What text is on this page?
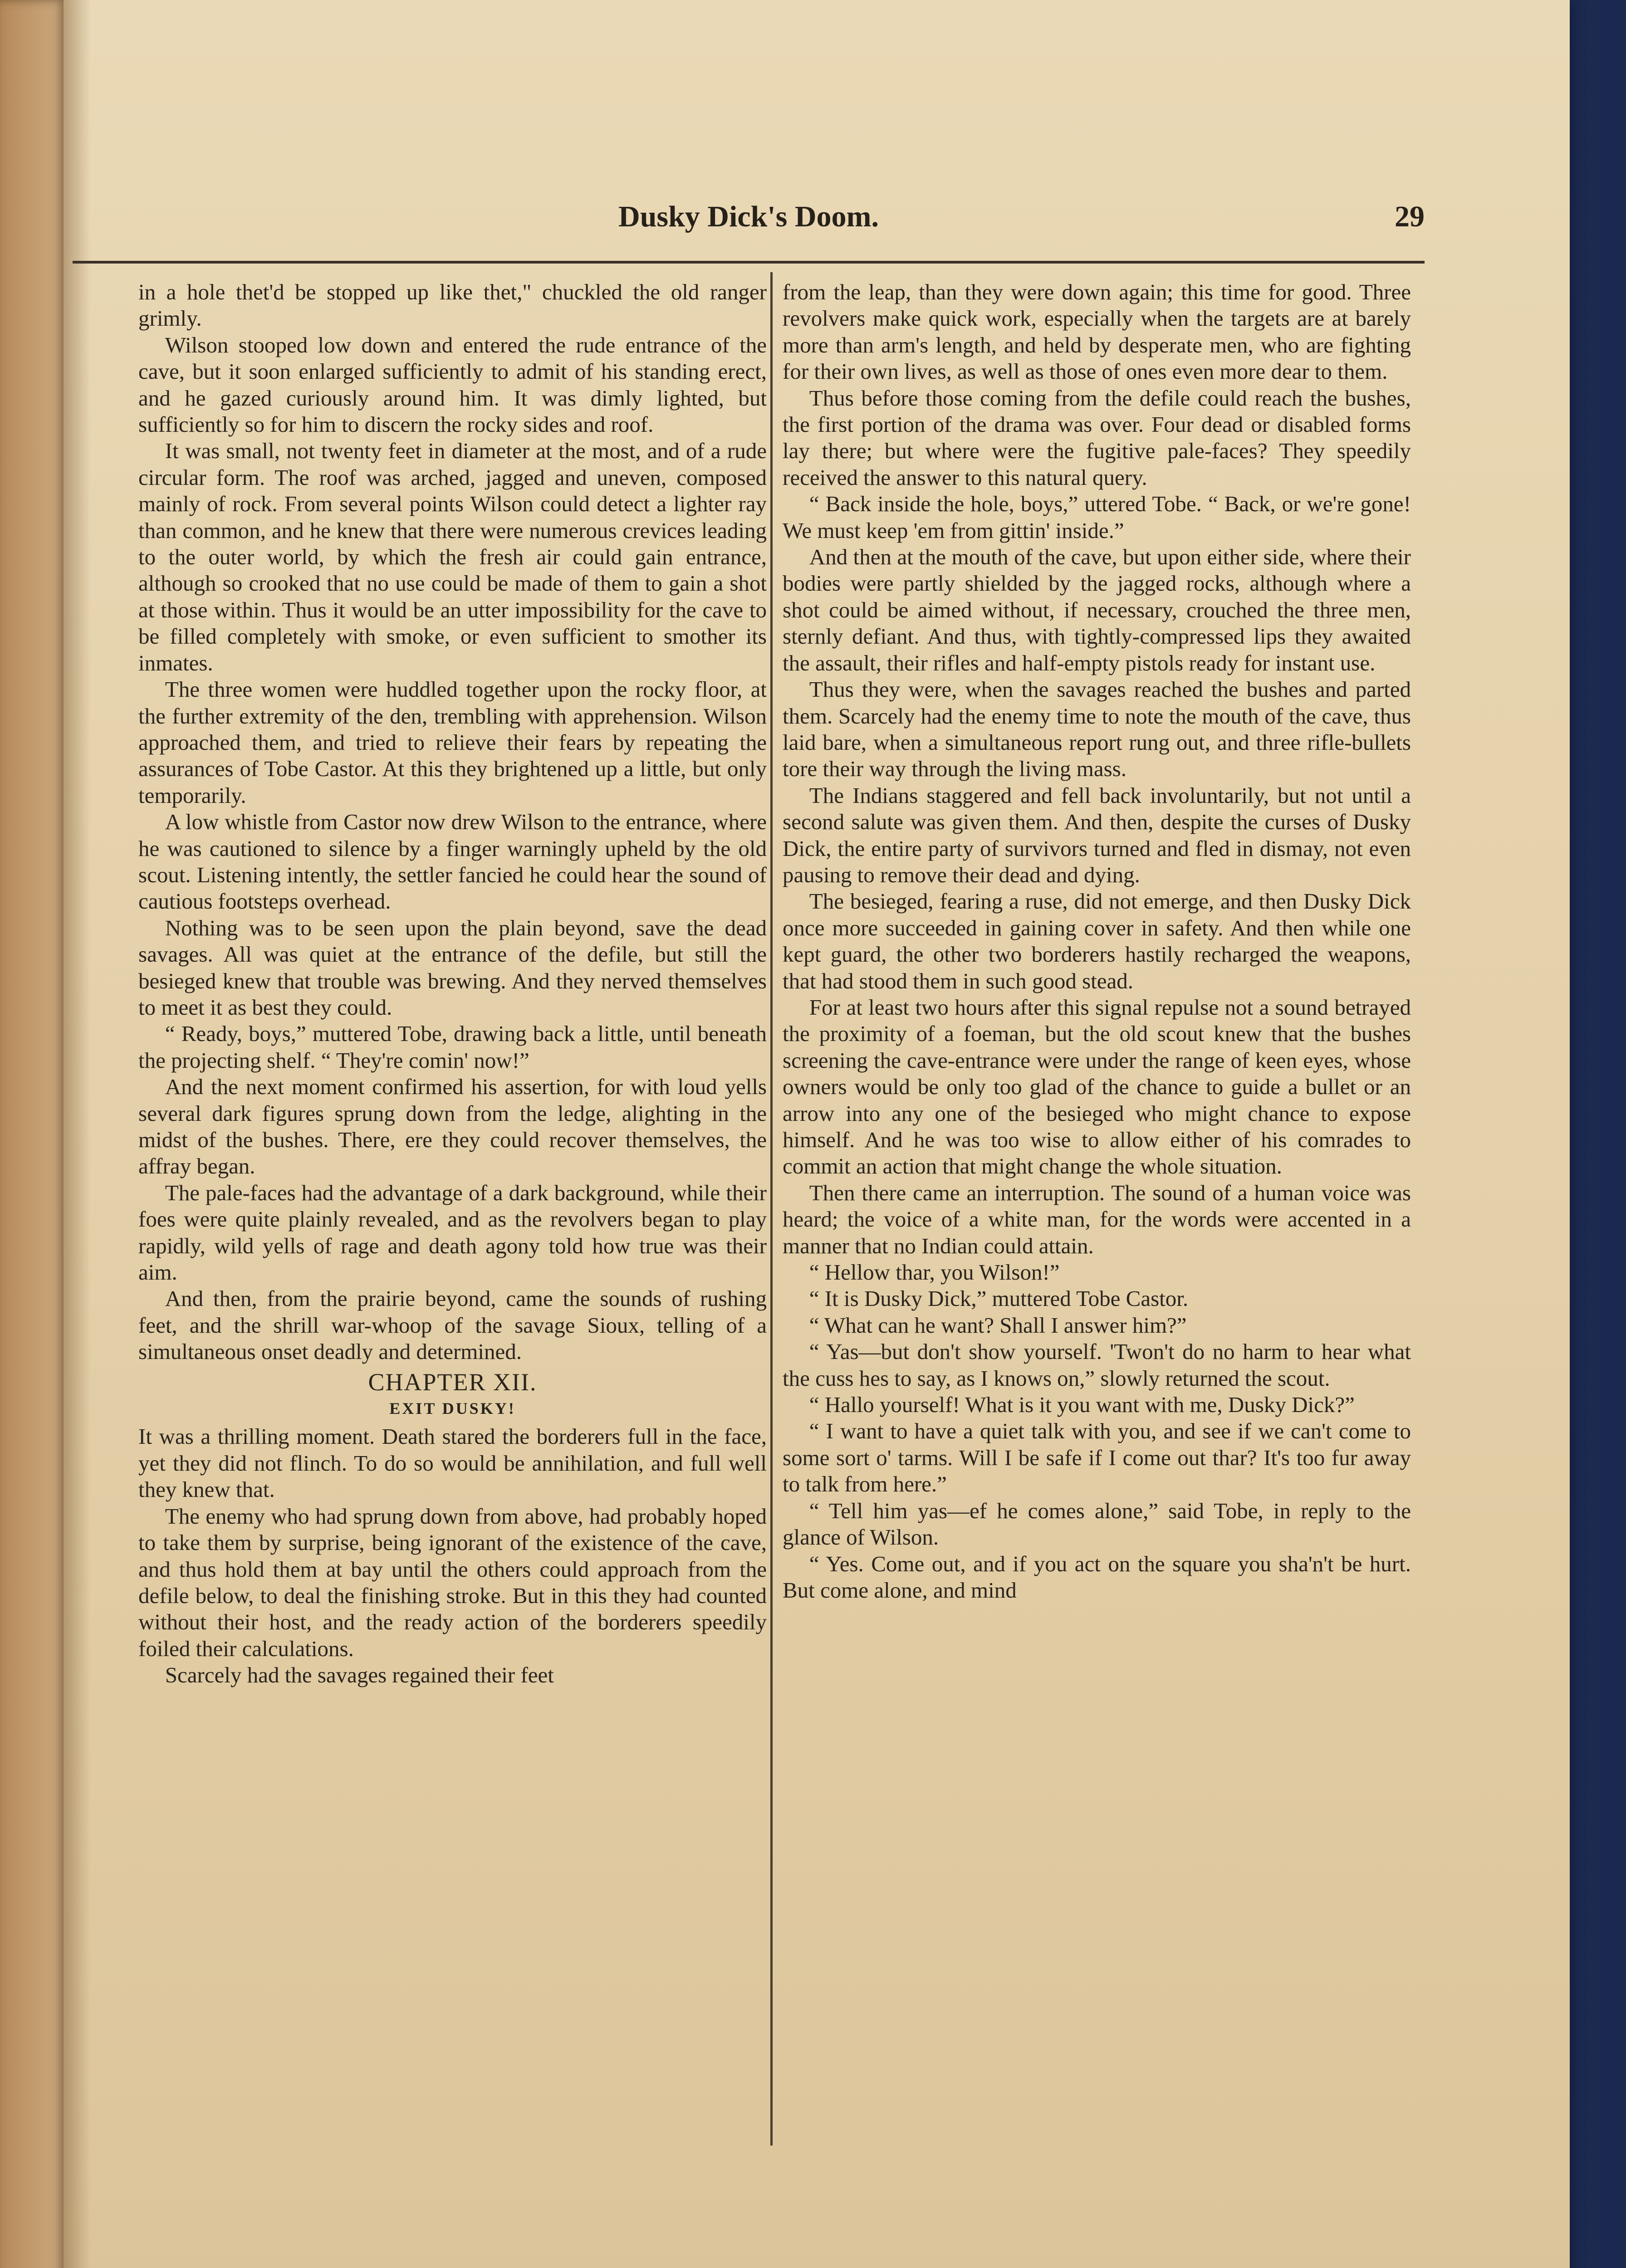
Dusky Dick's Doom.	29

in a hole thet'd be stopped up like thet," chuckled the old ranger grimly.

Wilson stooped low down and entered the rude entrance of the cave, but it soon enlarged sufficiently to admit of his standing erect, and he gazed curiously around him. It was dimly lighted, but sufficiently so for him to discern the rocky sides and roof.

It was small, not twenty feet in diameter at the most, and of a rude circular form. The roof was arched, jagged and uneven, composed mainly of rock. From several points Wilson could detect a lighter ray than common, and he knew that there were numerous crevices leading to the outer world, by which the fresh air could gain entrance, although so crooked that no use could be made of them to gain a shot at those within. Thus it would be an utter impossibility for the cave to be filled completely with smoke, or even sufficient to smother its inmates.

The three women were huddled together upon the rocky floor, at the further extremity of the den, trembling with apprehension. Wilson approached them, and tried to relieve their fears by repeating the assurances of Tobe Castor. At this they brightened up a little, but only temporarily.

A low whistle from Castor now drew Wilson to the entrance, where he was cautioned to silence by a finger warningly upheld by the old scout. Listening intently, the settler fancied he could hear the sound of cautious footsteps overhead.

Nothing was to be seen upon the plain beyond, save the dead savages. All was quiet at the entrance of the defile, but still the besieged knew that trouble was brewing. And they nerved themselves to meet it as best they could.

“ Ready, boys,” muttered Tobe, drawing back a little, until beneath the projecting shelf. “ They're comin' now!”

And the next moment confirmed his assertion, for with loud yells several dark figures sprung down from the ledge, alighting in the midst of the bushes. There, ere they could recover themselves, the affray began.

The pale-faces had the advantage of a dark background, while their foes were quite plainly revealed, and as the revolvers began to play rapidly, wild yells of rage and death agony told how true was their aim.

And then, from the prairie beyond, came the sounds of rushing feet, and the shrill war-whoop of the savage Sioux, telling of a simultaneous onset deadly and determined.

CHAPTER XII.
EXIT DUSKY!

It was a thrilling moment. Death stared the borderers full in the face, yet they did not flinch. To do so would be annihilation, and full well they knew that.

The enemy who had sprung down from above, had probably hoped to take them by surprise, being ignorant of the existence of the cave, and thus hold them at bay until the others could approach from the defile below, to deal the finishing stroke. But in this they had counted without their host, and the ready action of the borderers speedily foiled their calculations.

Scarcely had the savages regained their feet

from the leap, than they were down again; this time for good. Three revolvers make quick work, especially when the targets are at barely more than arm's length, and held by desperate men, who are fighting for their own lives, as well as those of ones even more dear to them.

Thus before those coming from the defile could reach the bushes, the first portion of the drama was over. Four dead or disabled forms lay there; but where were the fugitive pale-faces? They speedily received the answer to this natural query.

“ Back inside the hole, boys,” uttered Tobe. “ Back, or we're gone! We must keep 'em from gittin' inside.”

And then at the mouth of the cave, but upon either side, where their bodies were partly shielded by the jagged rocks, although where a shot could be aimed without, if necessary, crouched the three men, sternly defiant. And thus, with tightly-compressed lips they awaited the assault, their rifles and half-empty pistols ready for instant use.

Thus they were, when the savages reached the bushes and parted them. Scarcely had the enemy time to note the mouth of the cave, thus laid bare, when a simultaneous report rung out, and three rifle-bullets tore their way through the living mass.

The Indians staggered and fell back involuntarily, but not until a second salute was given them. And then, despite the curses of Dusky Dick, the entire party of survivors turned and fled in dismay, not even pausing to remove their dead and dying.

The besieged, fearing a ruse, did not emerge, and then Dusky Dick once more succeeded in gaining cover in safety. And then while one kept guard, the other two borderers hastily recharged the weapons, that had stood them in such good stead.

For at least two hours after this signal repulse not a sound betrayed the proximity of a foeman, but the old scout knew that the bushes screening the cave-entrance were under the range of keen eyes, whose owners would be only too glad of the chance to guide a bullet or an arrow into any one of the besieged who might chance to expose himself. And he was too wise to allow either of his comrades to commit an action that might change the whole situation.

Then there came an interruption. The sound of a human voice was heard; the voice of a white man, for the words were accented in a manner that no Indian could attain.

“ Hellow thar, you Wilson!”

“ It is Dusky Dick,” muttered Tobe Castor.

“ What can he want? Shall I answer him?”

“ Yas—but don't show yourself. 'Twon't do no harm to hear what the cuss hes to say, as I knows on,” slowly returned the scout.

“ Hallo yourself! What is it you want with me, Dusky Dick?”

“ I want to have a quiet talk with you, and see if we can't come to some sort o' tarms. Will I be safe if I come out thar? It's too fur away to talk from here.”

“ Tell him yas—ef he comes alone,” said Tobe, in reply to the glance of Wilson.

“ Yes. Come out, and if you act on the square you sha'n't be hurt. But come alone, and mind
